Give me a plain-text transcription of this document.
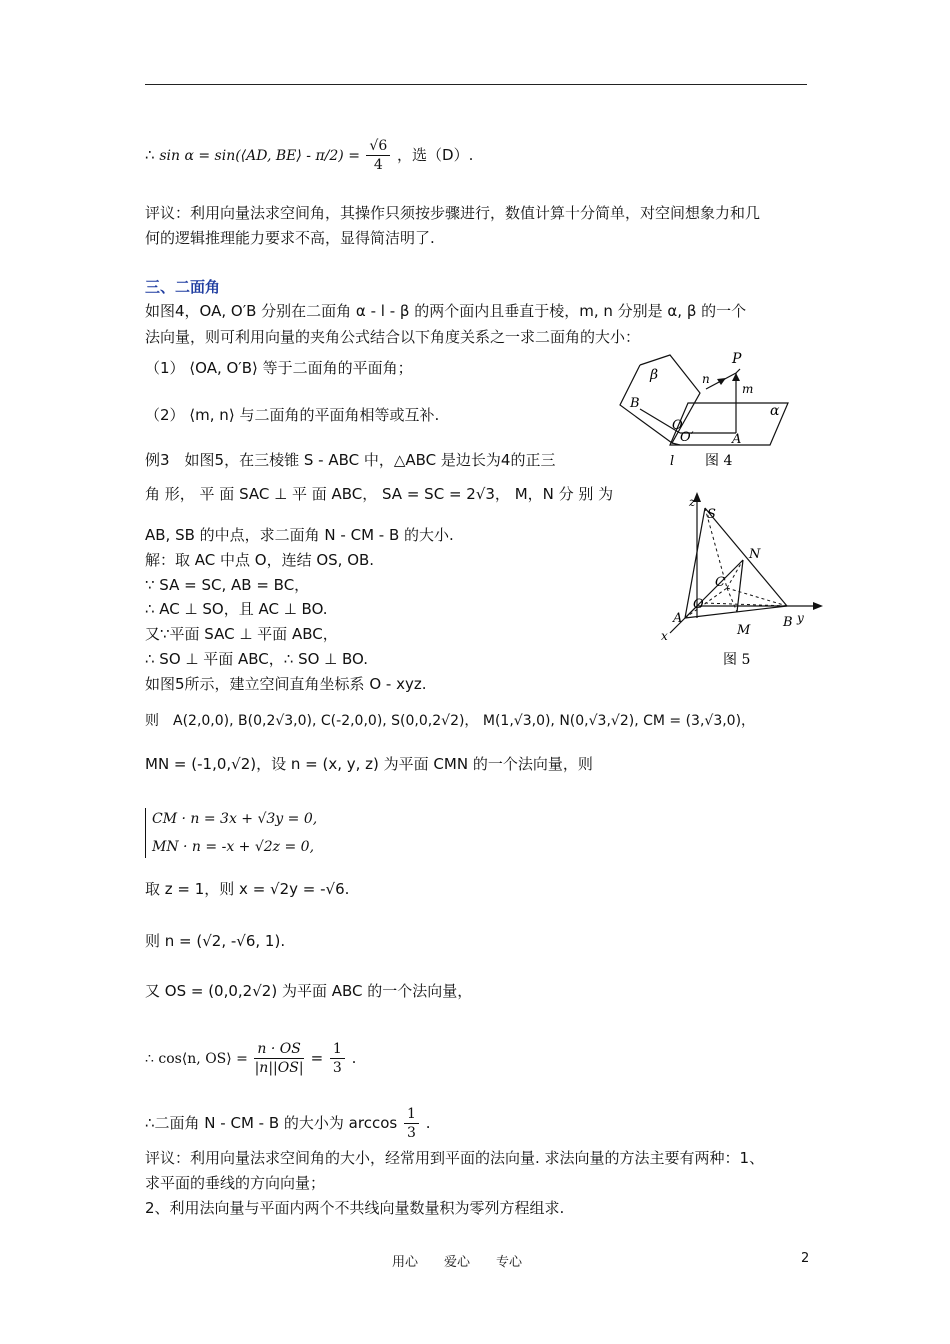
∴ sin α = sin(⟨AD, BE⟩ - $\pi/2) = \frac{√6}{4}$ ，选（D）.
评议：利用向量法求空间角，其操作只须按步骤进行，数值计算十分简单，对空间想象力和几
何的逻辑推理能力要求不高，显得简洁明了.
三、二面角
如图4，OA, O′B 分别在二面角 α - l - β 的两个面内且垂直于棱，m, n 分别是 α, β 的一个
法向量，则可利用向量的夹角公式结合以下角度关系之一求二面角的大小：
（1） ⟨OA, O′B⟩ 等于二面角的平面角；
（2） ⟨m, n⟩ 与二面角的平面角相等或互补.
例3　如图5，在三棱锥 S - ABC 中，△ABC 是边长为4的正三
角 形， 平 面 SAC ⊥ 平 面 ABC， SA = SC = 2√3， M，N 分 别 为
AB, SB 的中点，求二面角 N - CM - B 的大小.
解：取 AC 中点 O，连结 OS, OB.
∵ SA = SC, AB = BC，
∴ AC ⊥ SO，且 AC ⊥ BO.
又∵平面 SAC ⊥ 平面 ABC，
∴ SO ⊥ 平面 ABC，∴ SO ⊥ BO.
如图5所示，建立空间直角坐标系 O - xyz.
则　A(2,0,0), B(0,2√3,0), C(-2,0,0), S(0,0,2√2)， M(1,√3,0), N(0,√3,√2), CM = (3,√3,0)，
MN = (-1,0,√2)，设 n = (x, y, z) 为平面 CMN 的一个法向量，则
CM · n = 3x + √3y = 0,
MN · n = -x + √2z = 0,
取 z = 1，则 x = √2y = -√6.
则 n = (√2, -√6, 1).
又 OS = (0,0,2√2) 为平面 ABC 的一个法向量，
∴ cos⟨n, OS⟩ = $\frac{n \cdot OS}{|n||OS|} = \frac{1}{3}$ .
∴二面角 N - CM - B 的大小为 $\arccos \frac{1}{3}$ .
评议：利用向量法求空间角的大小，经常用到平面的法向量. 求法向量的方法主要有两种：1、
求平面的垂线的方向向量；
2、利用法向量与平面内两个不共线向量数量积为零列方程组求.
β
α
P
n
m
B
O
O′	A
l 图 4
z
S
N
C
O
A
M
B y
x
图 5
用心　　爱心　　专心	2
